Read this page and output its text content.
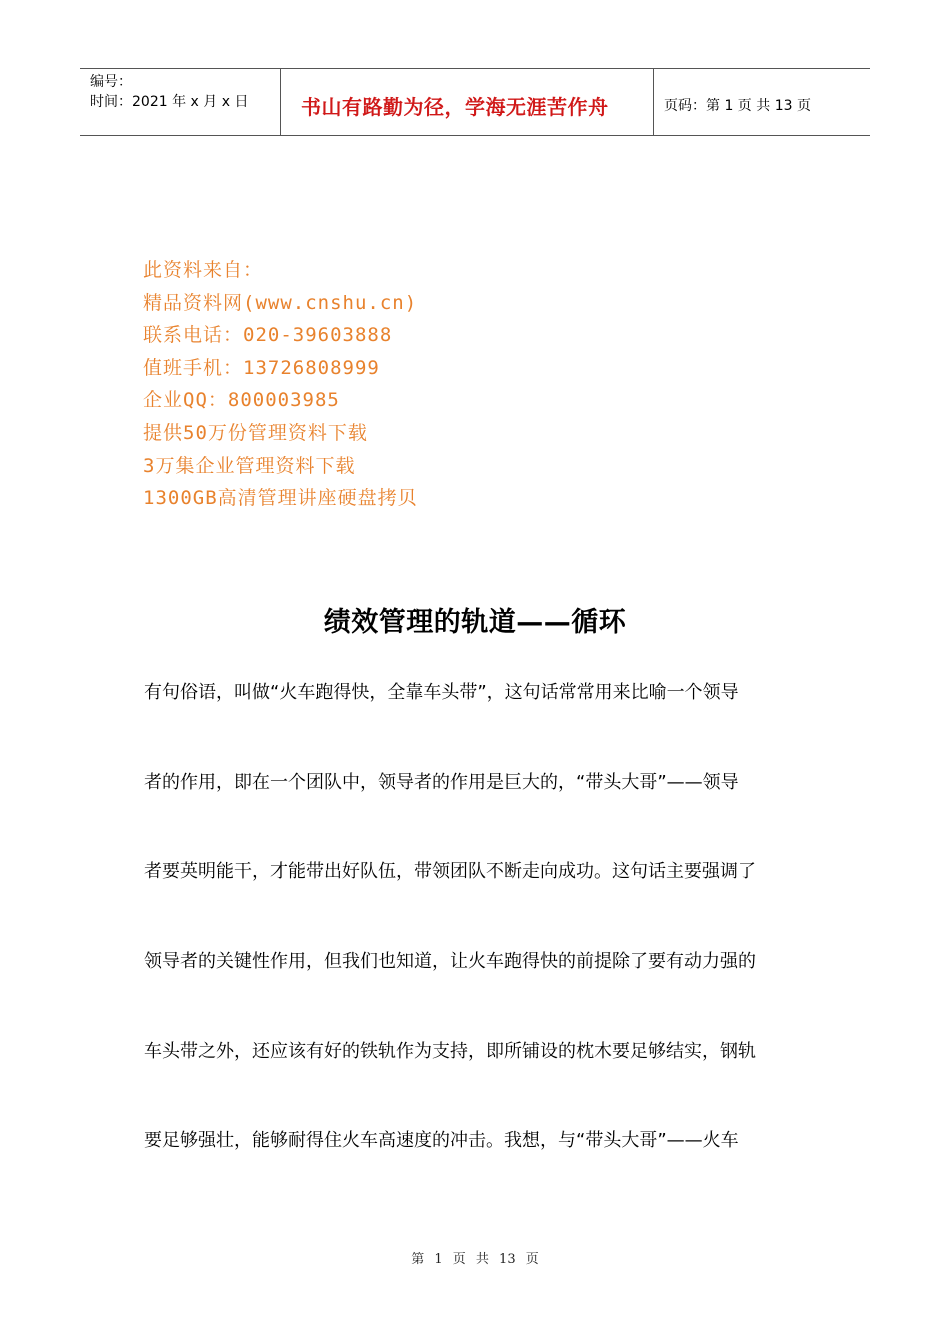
编号：
时间：2021 年 x 月 x 日	书山有路勤为径，学海无涯苦作舟	页码：第 1 页 共 13 页
此资料来自：
精品资料网(www.cnshu.cn)
联系电话：020-39603888
值班手机：13726808999
企业QQ：800003985
提供50万份管理资料下载
3万集企业管理资料下载
1300GB高清管理讲座硬盘拷贝
绩效管理的轨道——循环
有句俗语，叫做“火车跑得快，全靠车头带”，这句话常常用来比喻一个领导
者的作用，即在一个团队中，领导者的作用是巨大的，“带头大哥”——领导
者要英明能干，才能带出好队伍，带领团队不断走向成功。这句话主要强调了
领导者的关键性作用，但我们也知道，让火车跑得快的前提除了要有动力强的
车头带之外，还应该有好的铁轨作为支持，即所铺设的枕木要足够结实，钢轨
要足够强壮，能够耐得住火车高速度的冲击。我想，与“带头大哥”——火车
第 1 页 共 13 页
